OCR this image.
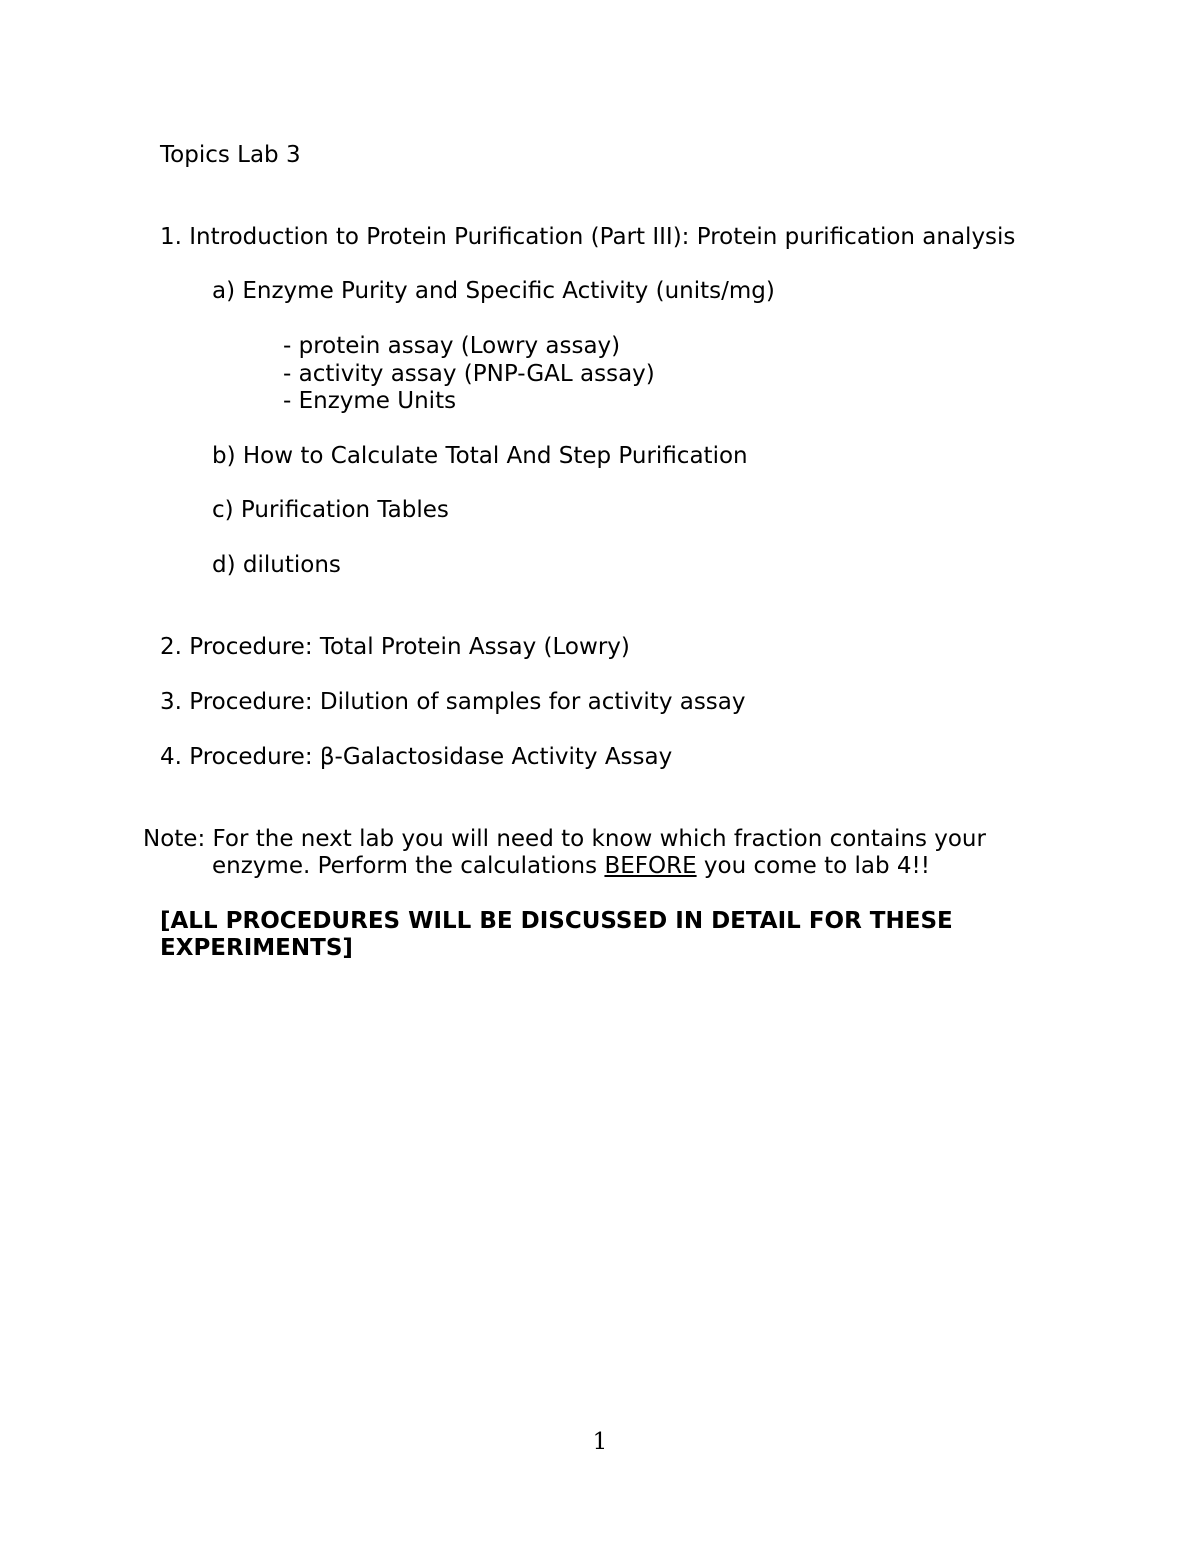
Topics Lab 3
1. Introduction to Protein Purification (Part III): Protein purification analysis
a) Enzyme Purity and Specific Activity (units/mg)
- protein assay (Lowry assay)
- activity assay (PNP-GAL assay)
- Enzyme Units
b) How to Calculate Total And Step Purification
c) Purification Tables
d) dilutions
2. Procedure: Total Protein Assay (Lowry)
3. Procedure: Dilution of samples for activity assay
4. Procedure: β-Galactosidase Activity Assay
Note: For the next lab you will need to know which fraction contains your
enzyme. Perform the calculations BEFORE you come to lab 4!!
[ALL PROCEDURES WILL BE DISCUSSED IN DETAIL FOR THESE
EXPERIMENTS]
1
